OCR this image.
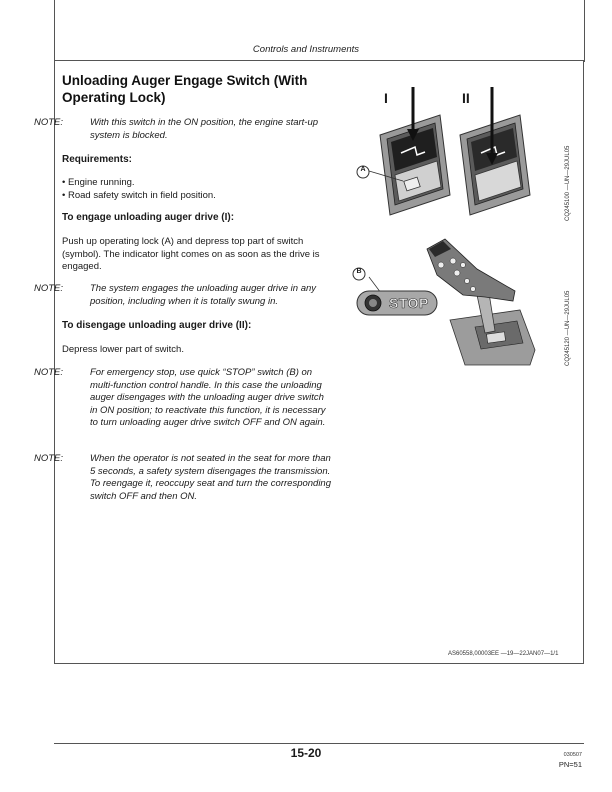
Controls and Instruments
Unloading Auger Engage Switch (With Operating Lock)
NOTE:	With this switch in the ON position, the engine start-up system is blocked.
Requirements:
• Engine running.
• Road safety switch in field position.
To engage unloading auger drive (I):
Push up operating lock (A) and depress top part of switch (symbol). The indicator light comes on as soon as the drive is engaged.
NOTE:	The system engages the unloading auger drive in any position, including when it is totally swung in.
To disengage unloading auger drive (II):
Depress lower part of switch.
NOTE:	For emergency stop, use quick “STOP” switch (B) on multi-function control handle. In this case the unloading auger disengages with the unloading auger drive switch in ON position; to reactivate this function, it is necessary to turn unloading auger drive switch OFF and ON again.
NOTE:	When the operator is not seated in the seat for more than 5 seconds, a safety system disengages the transmission. To reengage it, reoccupy seat and turn the corresponding switch OFF and then ON.
I	II
A	CQ245100 —UN—29JUL05
STOP
B
CQ245120 —UN—29JUL05
AS60558,00003EE —19—22JAN07—1/1
15-20	030507
PN=51
